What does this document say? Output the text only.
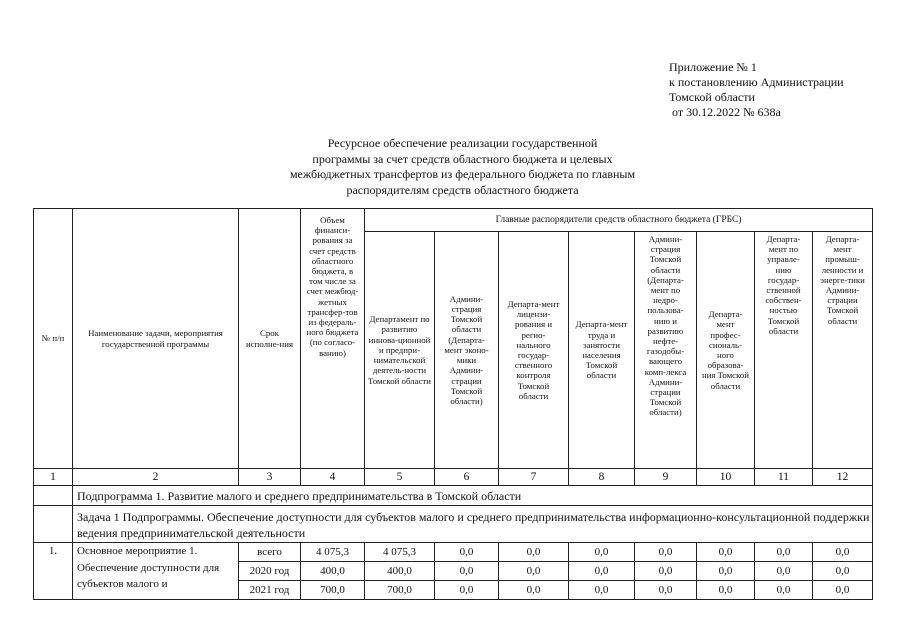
Приложение № 1
к постановлению Администрации
Томской области
от 30.12.2022 № 638а
Ресурсное обеспечение реализации государственной
программы за счет средств областного бюджета и целевых
межбюджетных трансфертов из федерального бюджета по главным
распорядителям средств областного бюджета
№ п/п	Наименование задачи, мероприятия государственной программы	Срок исполне-ния	Объем финанси-рования за счет средств областного бюджета, в том числе за счет межбюд-жетных трансфер-тов из федераль-ного бюджета (по согласо-ванию)	Главные распорядители средств областного бюджета (ГРБС)							
				Департамент по развитию иннова-ционной и предпри-нимательской деятель-ности Томской области	Админи-страция Томской области (Департа-мент эконо-мики Админи-страции Томской области)	Департа-мент лицензи-рования и регио-нального государ-ственного контроля Томской области	Департа-мент труда и занятости населения Томской области	Админи-страция Томской области (Департа-мент по недро-пользова-нию и развитию нефте-газодобы-вающего комп-лекса Админи-страции Томской области)	Департа-мент профес-сиональ-ного образова-ния Томской области	Департа-мент по управле-нию государ-ственной собствен-ностью Томской области	Департа-мент промыш-ленности и энерге-тики Админи-страции Томской области
1	2	3	4	5	6	7	8	9	10	11	12
	Подпрограмма 1. Развитие малого и среднего предпринимательства в Томской области										
	Задача 1 Подпрограммы. Обеспечение доступности для субъектов малого и среднего предпринимательства информационно-консультационной поддержки ведения предпринимательской деятельности										
1.	Основное мероприятие 1. Обеспечение доступности для субъектов малого и	всего	4 075,3	4 075,3	0,0	0,0	0,0	0,0	0,0	0,0	0,0
		2020 год	400,0	400,0	0,0	0,0	0,0	0,0	0,0	0,0	0,0
		2021 год	700,0	700,0	0,0	0,0	0,0	0,0	0,0	0,0	0,0
